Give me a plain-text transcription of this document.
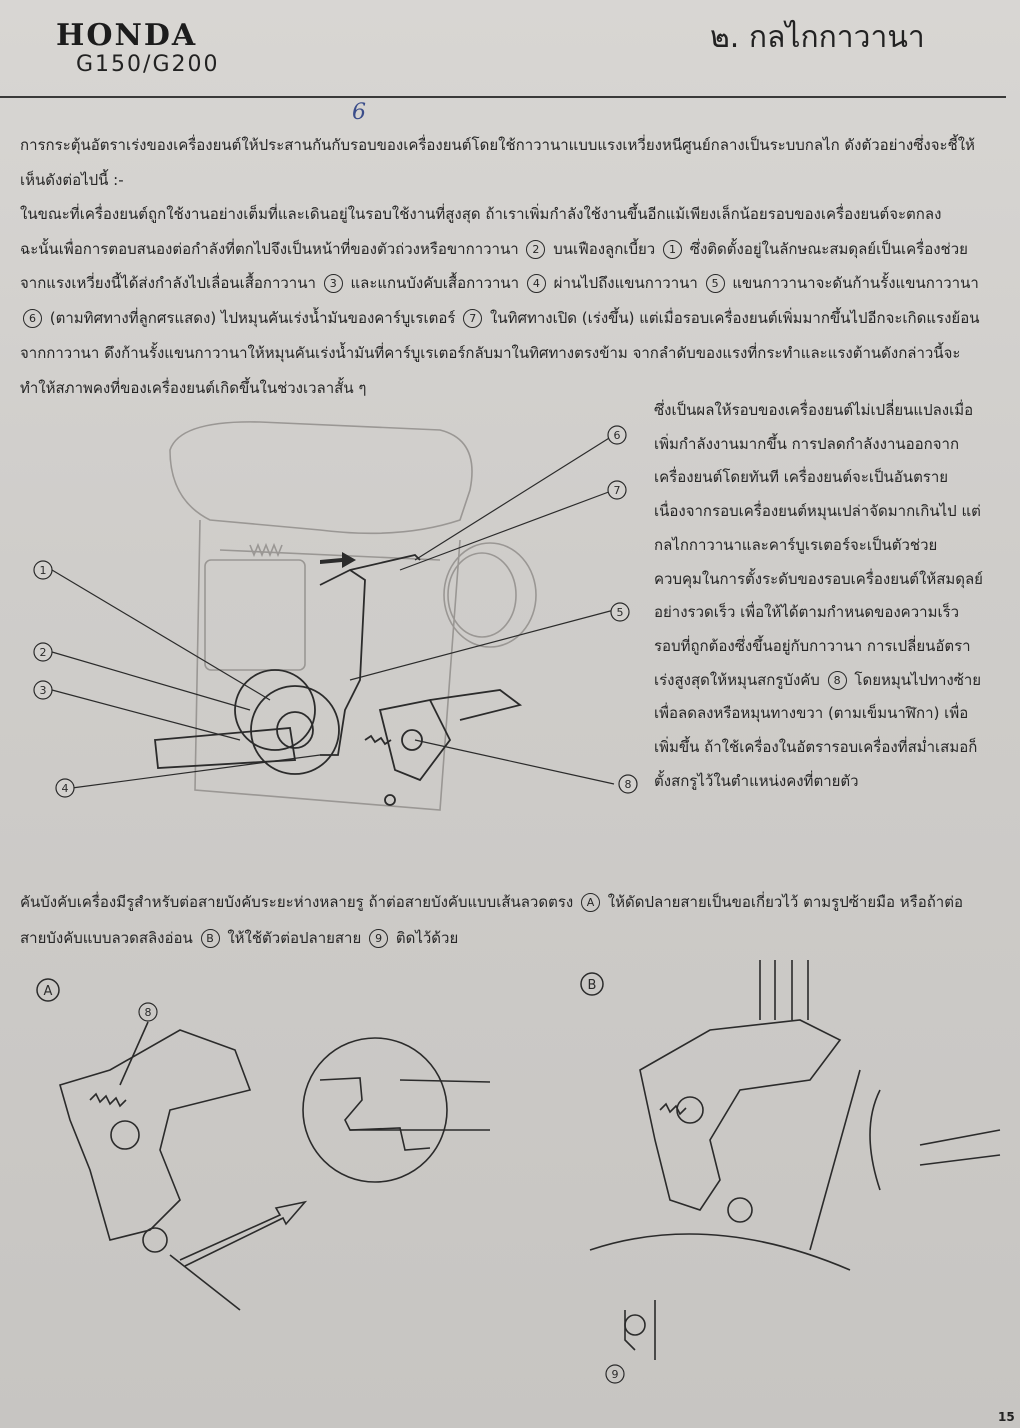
HONDA
G150/G200
๒. กลไกกาวานา
6
การกระตุ้นอัตราเร่งของเครื่องยนต์ให้ประสานกันกับรอบของเครื่องยนต์โดยใช้กาวานาแบบแรงเหวี่ยงหนีศูนย์กลางเป็นระบบกลไก ดังตัวอย่างซึ่งจะชี้ให้เห็นดังต่อไปนี้ :-
ในขณะที่เครื่องยนต์ถูกใช้งานอย่างเต็มที่และเดินอยู่ในรอบใช้งานที่สูงสุด ถ้าเราเพิ่มกำลังใช้งานขึ้นอีกแม้เพียงเล็กน้อยรอบของเครื่องยนต์จะตกลง ฉะนั้นเพื่อการตอบสนองต่อกำลังที่ตกไปจึงเป็นหน้าที่ของตัวถ่วงหรือขากาวานา 2 บนเฟืองลูกเบี้ยว 1 ซึ่งติดตั้งอยู่ในลักษณะสมดุลย์เป็นเครื่องช่วย จากแรงเหวี่ยงนี้ได้ส่งกำลังไปเลื่อนเสื้อกาวานา 3 และแกนบังคับเสื้อกาวานา 4 ผ่านไปถึงแขนกาวานา 5 แขนกาวานาจะดันก้านรั้งแขนกาวานา 6 (ตามทิศทางที่ลูกศรแสดง) ไปหมุนคันเร่งน้ำมันของคาร์บูเรเตอร์ 7 ในทิศทางเปิด (เร่งขึ้น) แต่เมื่อรอบเครื่องยนต์เพิ่มมากขึ้นไปอีกจะเกิดแรงย้อนจากกาวานา ดึงก้านรั้งแขนกาวานาให้หมุนคันเร่งน้ำมันที่คาร์บูเรเตอร์กลับมาในทิศทางตรงข้าม จากลำดับของแรงที่กระทำและแรงต้านดังกล่าวนี้จะทำให้สภาพคงที่ของเครื่องยนต์เกิดขึ้นในช่วงเวลาสั้น ๆ
ซึ่งเป็นผลให้รอบของเครื่องยนต์ไม่เปลี่ยนแปลงเมื่อเพิ่มกำลังงานมากขึ้น การปลดกำลังงานออกจากเครื่องยนต์โดยทันที เครื่องยนต์จะเป็นอันตราย เนื่องจากรอบเครื่องยนต์หมุนเปล่าจัดมากเกินไป แต่กลไกกาวานาและคาร์บูเรเตอร์จะเป็นตัวช่วยควบคุมในการตั้งระดับของรอบเครื่องยนต์ให้สมดุลย์อย่างรวดเร็ว เพื่อให้ได้ตามกำหนดของความเร็วรอบที่ถูกต้องซึ่งขึ้นอยู่กับกาวานา การเปลี่ยนอัตราเร่งสูงสุดให้หมุนสกรูบังคับ 8 โดยหมุนไปทางซ้ายเพื่อลดลงหรือหมุนทางขวา (ตามเข็มนาฬิกา) เพื่อเพิ่มขึ้น ถ้าใช้เครื่องในอัตรารอบเครื่องที่สม่ำเสมอก็ตั้งสกรูไว้ในตำแหน่งคงที่ตายตัว
1
2
3
4
6
7
5
8
คันบังคับเครื่องมีรูสำหรับต่อสายบังคับระยะห่างหลายรู ถ้าต่อสายบังคับแบบเส้นลวดตรง A ให้ดัดปลายสายเป็นขอเกี่ยวไว้ ตามรูปซ้ายมือ หรือถ้าต่อสายบังคับแบบลวดสลิงอ่อน B ให้ใช้ตัวต่อปลายสาย 9 ติดไว้ด้วย
A
8
B
9
15
